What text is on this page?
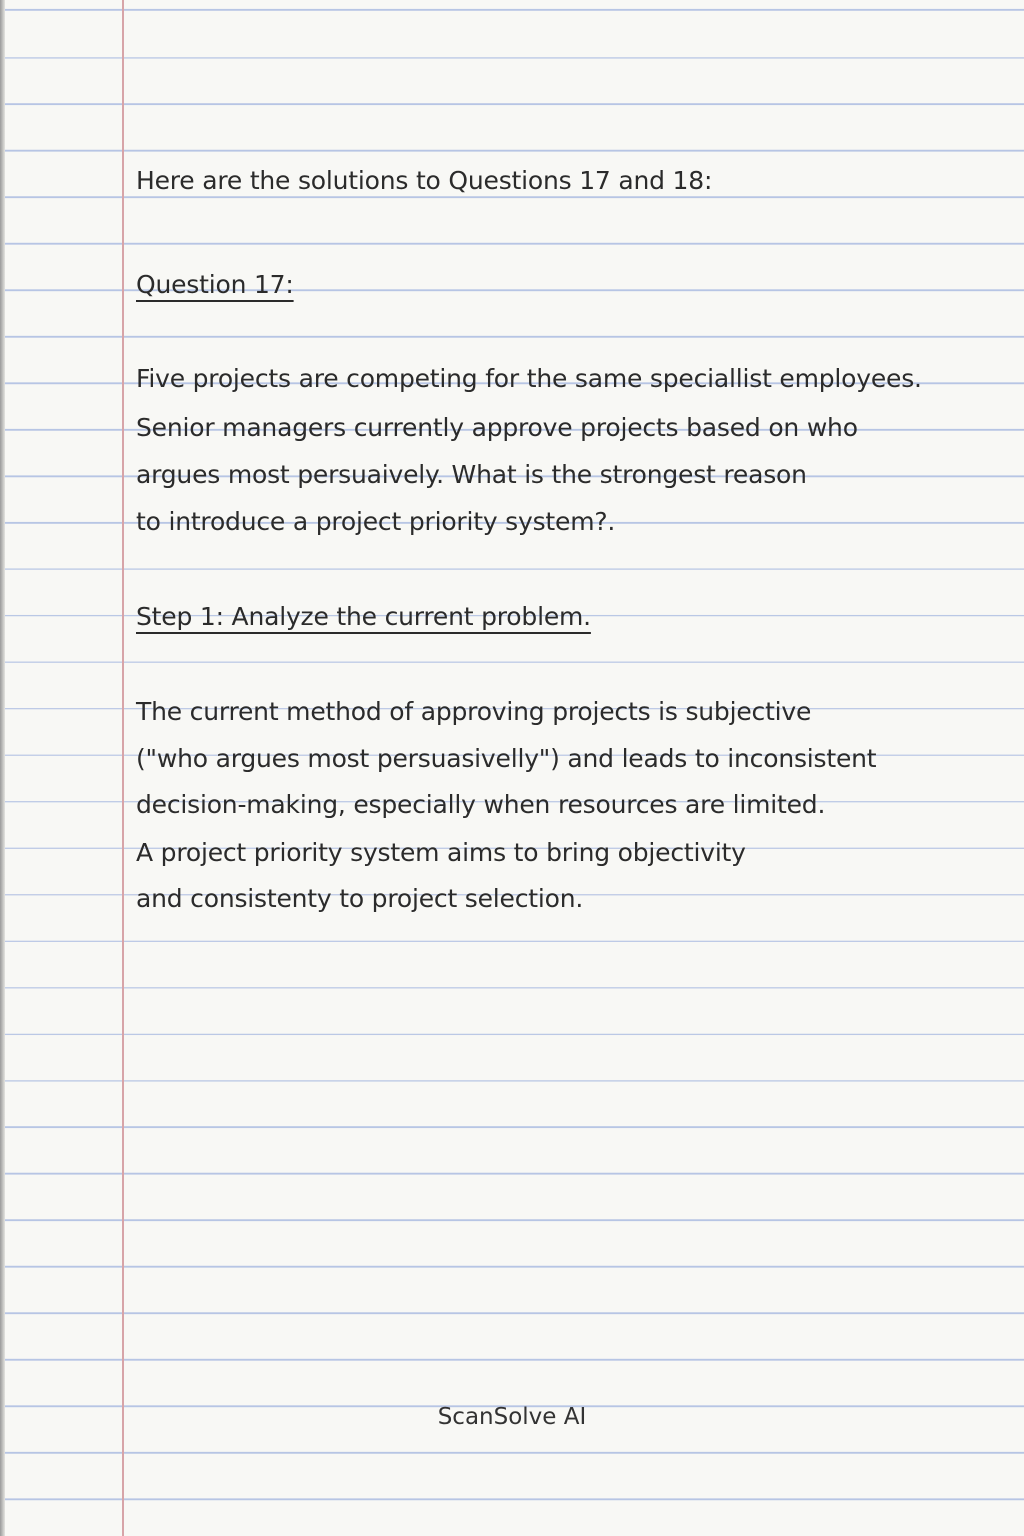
Here are the solutions to Questions 17 and 18:

Question 17:

Five projects are competing for the same speciallist employees.

Senior managers currently approve projects based on who

argues most persuaively. What is the strongest reason

to introduce a project priority system?.

Step 1: Analyze the current problem.

The current method of approving projects is subjective

("who argues most persuasivelly") and leads to inconsistent

decision-making, especially when resources are limited.

A project priority system aims to bring objectivity

and consistenty to project selection.

ScanSolve AI
